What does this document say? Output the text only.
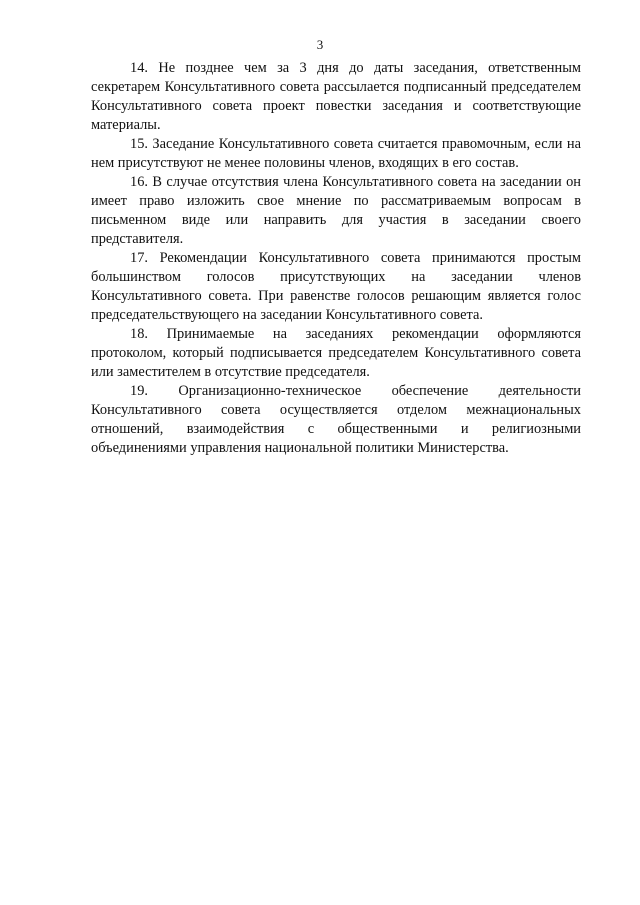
3

14. Не позднее чем за 3 дня до даты заседания, ответственным секретарем Консультативного совета рассылается подписанный председателем Консультативного совета проект повестки заседания и соответствующие материалы.

15. Заседание Консультативного совета считается правомочным, если на нем присутствуют не менее половины членов, входящих в его состав.

16. В случае отсутствия члена Консультативного совета на заседании он имеет право изложить свое мнение по рассматриваемым вопросам в письменном виде или направить для участия в заседании своего представителя.

17. Рекомендации Консультативного совета принимаются простым большинством голосов присутствующих на заседании членов Консультативного совета. При равенстве голосов решающим является голос председательствующего на заседании Консультативного совета.

18. Принимаемые на заседаниях рекомендации оформляются протоколом, который подписывается председателем Консультативного совета или заместителем в отсутствие председателя.

19. Организационно-техническое обеспечение деятельности Консультативного совета осуществляется отделом межнациональных отношений, взаимодействия с общественными и религиозными объединениями управления национальной политики Министерства.
